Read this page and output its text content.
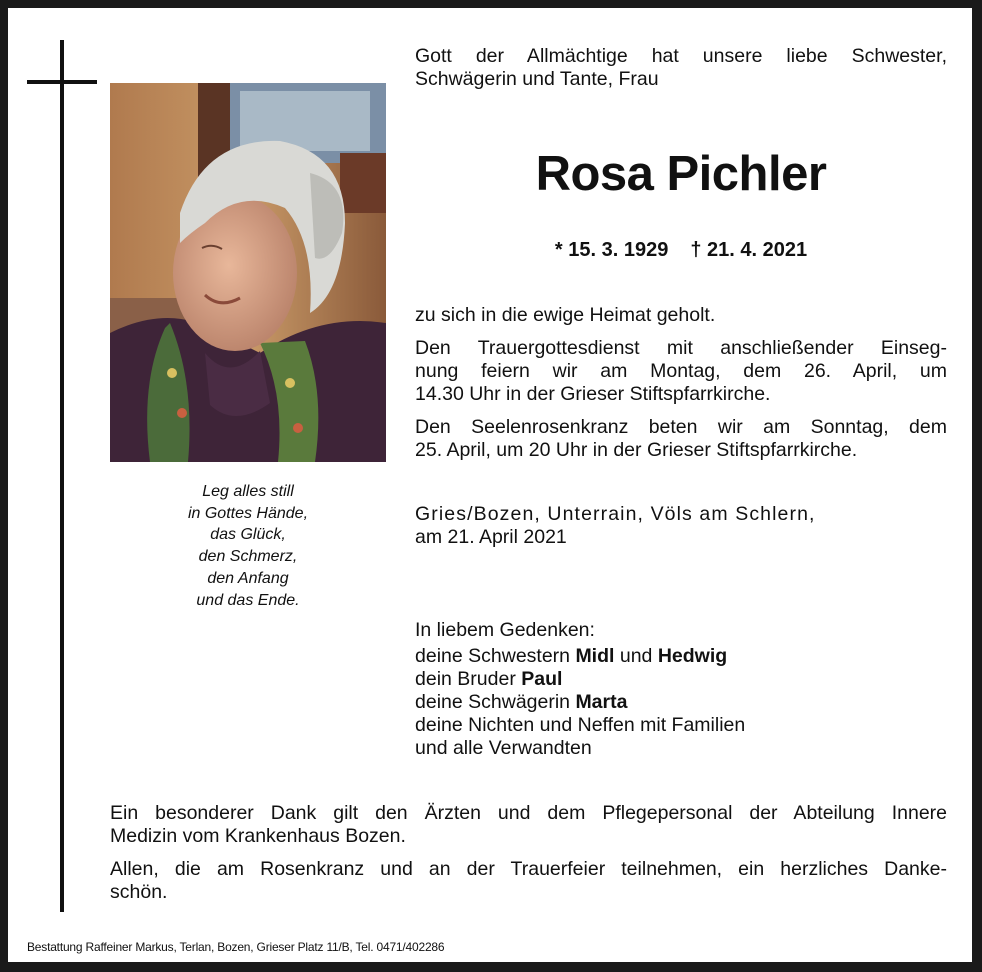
Leg alles still
in Gottes Hände,
das Glück,
den Schmerz,
den Anfang
und das Ende.
Gott der Allmächtige hat unsere liebe Schwester,
Schwägerin und Tante, Frau
Rosa Pichler
* 15. 3. 1929 † 21. 4. 2021
zu sich in die ewige Heimat geholt.
Den Trauergottesdienst mit anschließender Einseg-
nung feiern wir am Montag, dem 26. April, um
14.30 Uhr in der Grieser Stiftspfarrkirche.
Den Seelenrosenkranz beten wir am Sonntag, dem
25. April, um 20 Uhr in der Grieser Stiftspfarrkirche.
Gries/Bozen, Unterrain, Völs am Schlern,
am 21. April 2021
In liebem Gedenken:
deine Schwestern Midl und Hedwig
dein Bruder Paul
deine Schwägerin Marta
deine Nichten und Neffen mit Familien
und alle Verwandten
Ein besonderer Dank gilt den Ärzten und dem Pflegepersonal der Abteilung Innere
Medizin vom Krankenhaus Bozen.
Allen, die am Rosenkranz und an der Trauerfeier teilnehmen, ein herzliches Danke-
schön.
Bestattung Raffeiner Markus, Terlan, Bozen, Grieser Platz 11/B, Tel. 0471/402286
